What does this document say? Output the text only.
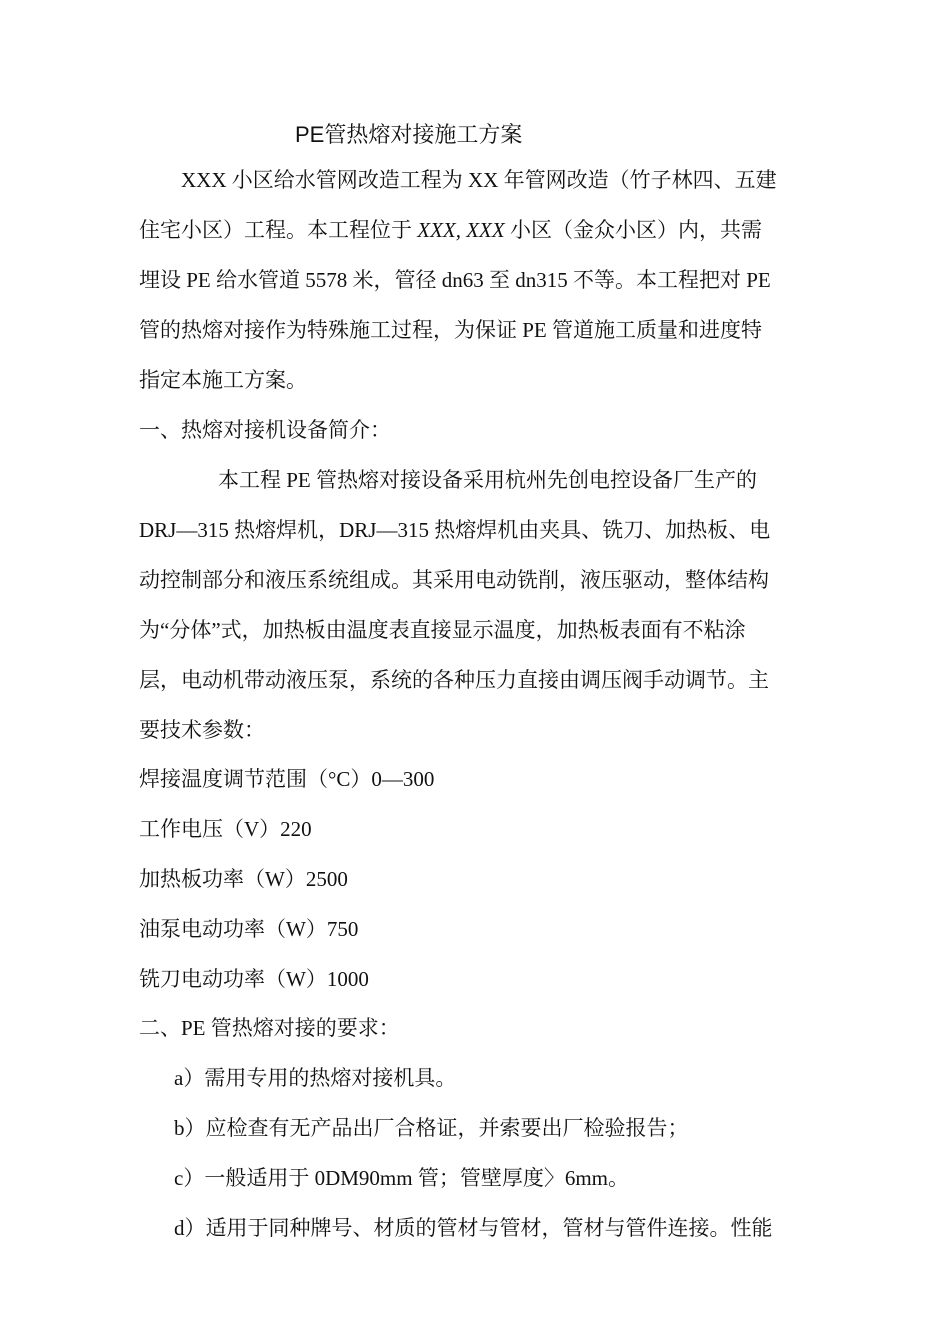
PE管热熔对接施工方案
XXX 小区给水管网改造工程为 XX 年管网改造（竹子林四、五建
住宅小区）工程。本工程位于 XXX, XXX 小区（金众小区）内，共需
埋设 PE 给水管道 5578 米，管径 dn63 至 dn315 不等。本工程把对 PE
管的热熔对接作为特殊施工过程，为保证 PE 管道施工质量和进度特
指定本施工方案。
一、热熔对接机设备简介：
本工程 PE 管热熔对接设备采用杭州先创电控设备厂生产的
DRJ—315 热熔焊机，DRJ—315 热熔焊机由夹具、铣刀、加热板、电
动控制部分和液压系统组成。其采用电动铣削，液压驱动，整体结构
为“分体”式，加热板由温度表直接显示温度，加热板表面有不粘涂
层，电动机带动液压泵，系统的各种压力直接由调压阀手动调节。主
要技术参数：
焊接温度调节范围（°C）0—300
工作电压（V）220
加热板功率（W）2500
油泵电动功率（W）750
铣刀电动功率（W）1000
二、PE 管热熔对接的要求：
a）需用专用的热熔对接机具。
b）应检查有无产品出厂合格证，并索要出厂检验报告；
c）一般适用于 0DΜ90mm 管；管壁厚度〉6mm。
d）适用于同种牌号、材质的管材与管材，管材与管件连接。性能
